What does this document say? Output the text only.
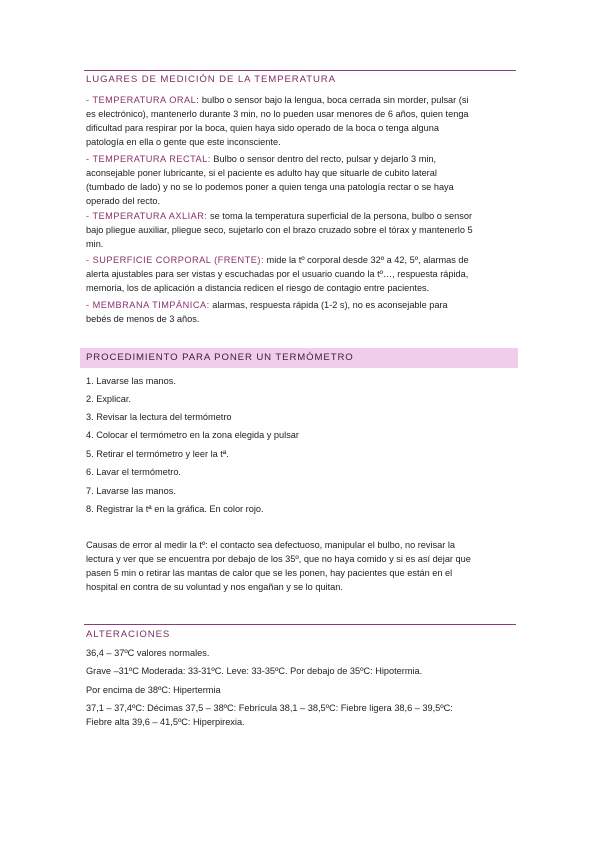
LUGARES DE MEDICIÓN DE LA TEMPERATURA
- TEMPERATURA ORAL: bulbo o sensor bajo la lengua, boca cerrada sin morder, pulsar (si
es electrónico), mantenerlo durante 3 min, no lo pueden usar menores de 6 años, quien tenga
dificultad para respirar por la boca, quien haya sido operado de la boca o tenga alguna
patología en ella o gente que este inconsciente.
- TEMPERATURA RECTAL: Bulbo o sensor dentro del recto, pulsar y dejarlo 3 min,
aconsejable poner lubricante, si el paciente es adulto hay que situarle de cubito lateral
(tumbado de lado) y no se lo podemos poner a quien tenga una patología rectar o se haya
operado del recto.
- TEMPERATURA AXLIAR: se toma la temperatura superficial de la persona, bulbo o sensor
bajo pliegue auxiliar, pliegue seco, sujetarlo con el brazo cruzado sobre el tórax y mantenerlo 5
min.
- SUPERFICIE CORPORAL (FRENTE): mide la tº corporal desde 32º a 42, 5º, alarmas de
alerta ajustables para ser vistas y escuchadas por el usuario cuando la tº…, respuesta rápida,
memoria, los de aplicación a distancia redicen el riesgo de contagio entre pacientes.
- MEMBRANA TIMPÁNICA: alarmas, respuesta rápida (1-2 s), no es aconsejable para
bebés de menos de 3 años.
PROCEDIMIENTO PARA PONER UN TERMÓMETRO
1. Lavarse las manos.
2. Explicar.
3. Revisar la lectura del termómetro
4. Colocar el termómetro en la zona elegida y pulsar
5. Retirar el termómetro y leer la tª.
6. Lavar el termómetro.
7. Lavarse las manos.
8. Registrar la tª en la gráfica. En color rojo.
Causas de error al medir la tº: el contacto sea defectuoso, manipular el bulbo, no revisar la
lectura y ver que se encuentra por debajo de los 35º, que no haya comido y si es así dejar que
pasen 5 min o retirar las mantas de calor que se les ponen, hay pacientes que están en el
hospital en contra de su voluntad y nos engañan y se lo quitan.
ALTERACIONES
36,4 – 37ºC valores normales.
Grave –31ºC Moderada: 33-31ºC. Leve: 33-35ºC. Por debajo de 35ºC: Hipotermia.
Por encima de 38ºC: Hipertermia
37,1 – 37,4ºC: Décimas 37,5 – 38ºC: Febrícula 38,1 – 38,5ºC: Fiebre ligera 38,6 – 39,5ºC:
Fiebre alta 39,6 – 41,5ºC: Hiperpirexia.
